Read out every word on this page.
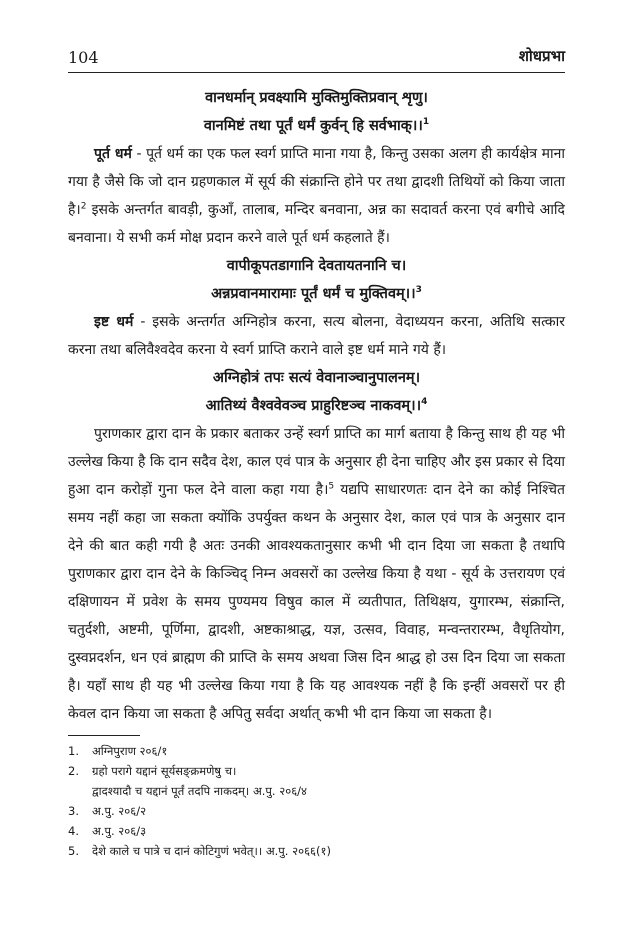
104	शोधप्रभा
वानधर्मान् प्रवक्ष्यामि मुक्तिमुक्तिप्रवान् शृणु।
वानमिष्टं तथा पूर्तं धर्मं कुर्वन् हि सर्वभाक्।।$^1$

पूर्त धर्म - पूर्त धर्म का एक फल स्वर्ग प्राप्ति माना गया है, किन्तु उसका अलग ही कार्यक्षेत्र माना गया है जैसे कि जो दान ग्रहणकाल में सूर्य की संक्रान्ति होने पर तथा द्वादशी तिथियों को किया जाता है।$^2$ इसके अन्तर्गत बावड़ी, कुआँ, तालाब, मन्दिर बनवाना, अन्न का सदावर्त करना एवं बगीचे आदि बनवाना। ये सभी कर्म मोक्ष प्रदान करने वाले पूर्त धर्म कहलाते हैं।

वापीकूपतडागानि देवतायतनानि च।
अन्नप्रवानमारामाः पूर्तं धर्मं च मुक्तिवम्।।$^3$

इष्ट धर्म - इसके अन्तर्गत अग्निहोत्र करना, सत्य बोलना, वेदाध्ययन करना, अतिथि सत्कार करना तथा बलिवैश्वदेव करना ये स्वर्ग प्राप्ति कराने वाले इष्ट धर्म माने गये हैं।

अग्निहोत्रं तपः सत्यं वेवानाञ्चानुपालनम्।
आतिथ्यं वैश्ववेवञ्च प्राहुरिष्टञ्च नाकवम्।।$^4$

पुराणकार द्वारा दान के प्रकार बताकर उन्हें स्वर्ग प्राप्ति का मार्ग बताया है किन्तु साथ ही यह भी उल्लेख किया है कि दान सदैव देश, काल एवं पात्र के अनुसार ही देना चाहिए और इस प्रकार से दिया हुआ दान करोड़ों गुना फल देने वाला कहा गया है।$^5$ यद्यपि साधारणतः दान देने का कोई निश्चित समय नहीं कहा जा सकता क्योंकि उपर्युक्त कथन के अनुसार देश, काल एवं पात्र के अनुसार दान देने की बात कही गयी है अतः उनकी आवश्यकतानुसार कभी भी दान दिया जा सकता है तथापि पुराणकार द्वारा दान देने के किञ्चिद् निम्न अवसरों का उल्लेख किया है यथा - सूर्य के उत्तरायण एवं दक्षिणायन में प्रवेश के समय पुण्यमय विषुव काल में व्यतीपात, तिथिक्षय, युगारम्भ, संक्रान्ति, चतुर्दशी, अष्टमी, पूर्णिमा, द्वादशी, अष्टकाश्राद्ध, यज्ञ, उत्सव, विवाह, मन्वन्तरारम्भ, वैधृतियोग, दुस्वप्नदर्शन, धन एवं ब्राह्मण की प्राप्ति के समय अथवा जिस दिन श्राद्ध हो उस दिन दिया जा सकता है। यहाँ साथ ही यह भी उल्लेख किया गया है कि यह आवश्यक नहीं है कि इन्हीं अवसरों पर ही केवल दान किया जा सकता है अपितु सर्वदा अर्थात् कभी भी दान किया जा सकता है।

1. अग्निपुराण २०६/१
2. ग्रहो परागे यद्दानं सूर्यसङ्क्रमणेषु च।
द्वादश्यादौ च यद्दानं पूर्तं तदपि नाकदम्। अ.पु. २०६/४
3. अ.पु. २०६/२
4. अ.पु. २०६/३
5. देशे काले च पात्रे च दानं कोटिगुणं भवेत्।। अ.पु. २०६६(१)
